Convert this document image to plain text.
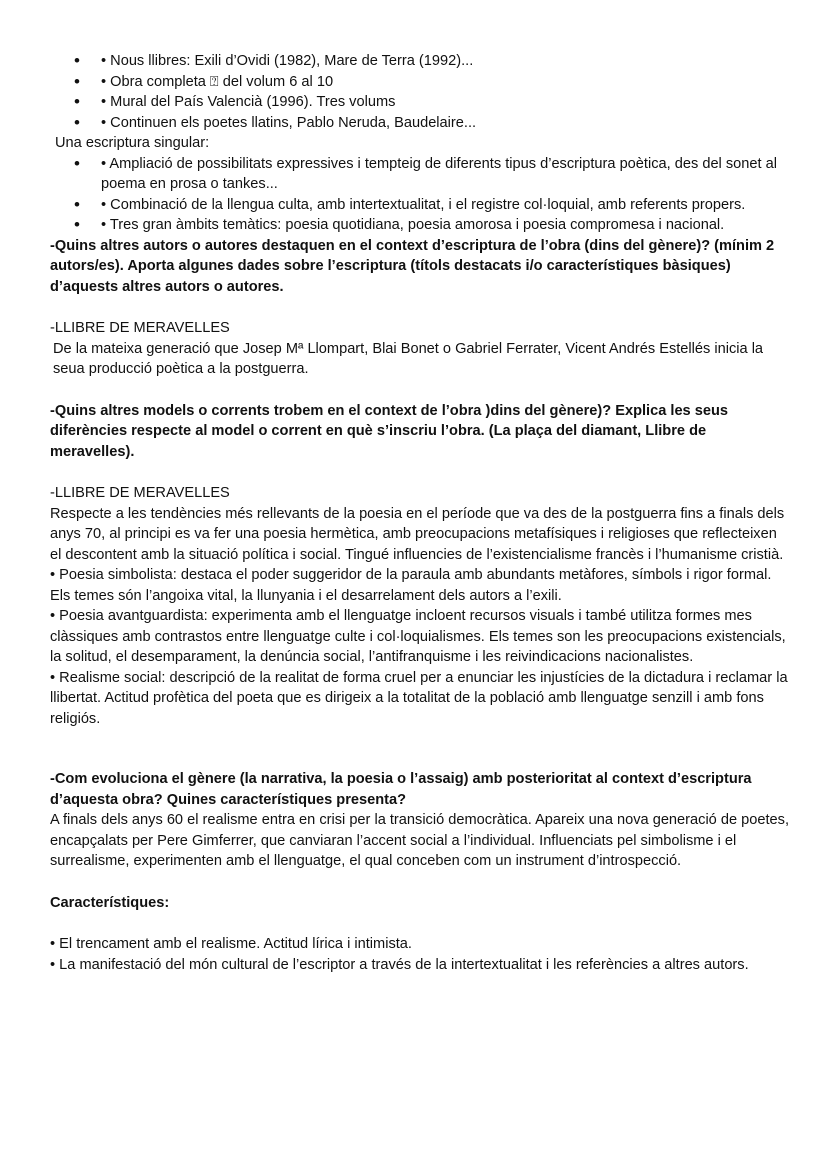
• • Nous llibres: Exili d’Ovidi (1982), Mare de Terra (1992)...
• • Obra completa ⍰ del volum 6 al 10
• • Mural del País Valencià (1996). Tres volums
• • Continuen els poetes llatins, Pablo Neruda, Baudelaire...

Una escriptura singular:

• • Ampliació de possibilitats expressives i tempteig de diferents tipus d’escriptura poètica, des del sonet al poema en prosa o tankes...
• • Combinació de la llengua culta, amb intertextualitat, i el registre col·loquial, amb referents propers.
• • Tres gran àmbits temàtics: poesia quotidiana, poesia amorosa i poesia compromesa i nacional.

-Quins altres autors o autores destaquen en el context d’escriptura de l’obra (dins del gènere)? (mínim 2 autors/es). Aporta algunes dades sobre l’escriptura (títols destacats i/o característiques bàsiques) d’aquests altres autors o autores.

-LLIBRE DE MERAVELLES

De la mateixa generació que Josep Mª Llompart, Blai Bonet o Gabriel Ferrater, Vicent Andrés Estellés inicia la seua producció poètica a la postguerra.

-Quins altres models o corrents trobem en el context de l’obra )dins del gènere)? Explica les seus diferències respecte al model o corrent en què s’inscriu l’obra. (La plaça del diamant, Llibre de meravelles).

-LLIBRE DE MERAVELLES

Respecte a les tendències més rellevants de la poesia en el període que va des de la postguerra fins a finals dels anys 70, al principi es va fer una poesia hermètica, amb preocupacions metafísiques i religioses que reflecteixen el descontent amb la situació política i social. Tingué influencies de l’existencialisme francès i l’humanisme cristià.

• Poesia simbolista: destaca el poder suggeridor de la paraula amb abundants metàfores, símbols i rigor formal. Els temes són l’angoixa vital, la llunyania i el desarrelament dels autors a l’exili.

• Poesia avantguardista: experimenta amb el llenguatge incloent recursos visuals i també utilitza formes mes clàssiques amb contrastos entre llenguatge culte i col·loquialismes. Els temes son les preocupacions existencials, la solitud, el desemparament, la denúncia social, l’antifranquisme i les reivindicacions nacionalistes.

• Realisme social: descripció de la realitat de forma cruel per a enunciar les injustícies de la dictadura i reclamar la llibertat. Actitud profètica del poeta que es dirigeix a la totalitat de la població amb llenguatge senzill i amb fons religiós.

-Com evoluciona el gènere (la narrativa, la poesia o l’assaig) amb posterioritat al context d’escriptura d’aquesta obra? Quines característiques presenta?

A finals dels anys 60 el realisme entra en crisi per la transició democràtica. Apareix una nova generació de poetes, encapçalats per Pere Gimferrer, que canviaran l’accent social a l’individual. Influenciats pel simbolisme i el surrealisme, experimenten amb el llenguatge, el qual conceben com un instrument d’introspecció.

Característiques:

• El trencament amb el realisme. Actitud lírica i intimista.

• La manifestació del món cultural de l’escriptor a través de la intertextualitat i les referències a altres autors.
